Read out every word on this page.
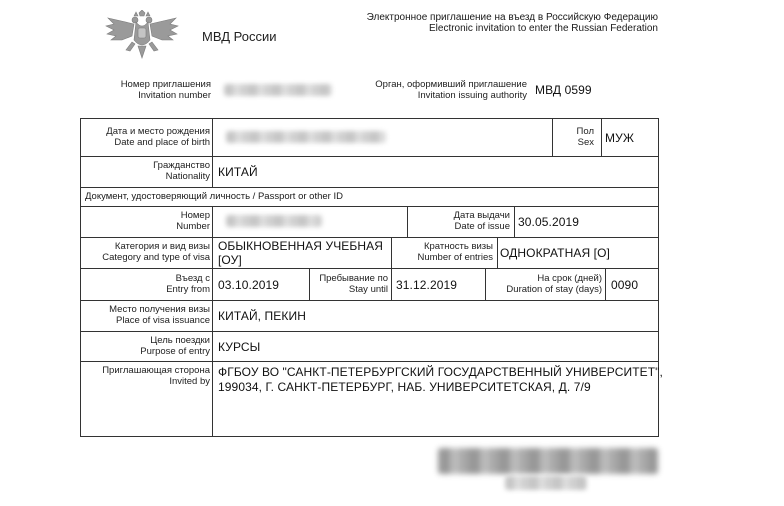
МВД России
Электронное приглашение на въезд в Российскую Федерацию
Electronic invitation to enter the Russian Federation
Номер приглашения
Invitation number
Орган, оформивший приглашение
Invitation issuing authority МВД 0599
Дата и место рождения
Date and place of birth
Пол
Sex МУЖ
Гражданство
Nationality КИТАЙ
Документ, удостоверяющий личность / Passport or other ID
Номер
Number
Дата выдачи
Date of issue 30.05.2019
Категория и вид визы
Category and type of visa
ОБЫКНОВЕННАЯ УЧЕБНАЯ
[ОУ]
Кратность визы
Number of entries ОДНОКРАТНАЯ [О]
Въезд с
Entry from 03.10.2019	Пребывание по
Stay until 31.12.2019	На срок (дней)
Duration of stay (days) 0090
Место получения визы
Place of visa issuance КИТАЙ, ПЕКИН
Цель поездки
Purpose of entry КУРСЫ
Приглашающая сторона
Invited by
ФГБОУ ВО "САНКТ-ПЕТЕРБУРГСКИЙ ГОСУДАРСТВЕННЫЙ УНИВЕРСИТЕТ",
199034, Г. САНКТ-ПЕТЕРБУРГ, НАБ. УНИВЕРСИТЕТСКАЯ, Д. 7/9
